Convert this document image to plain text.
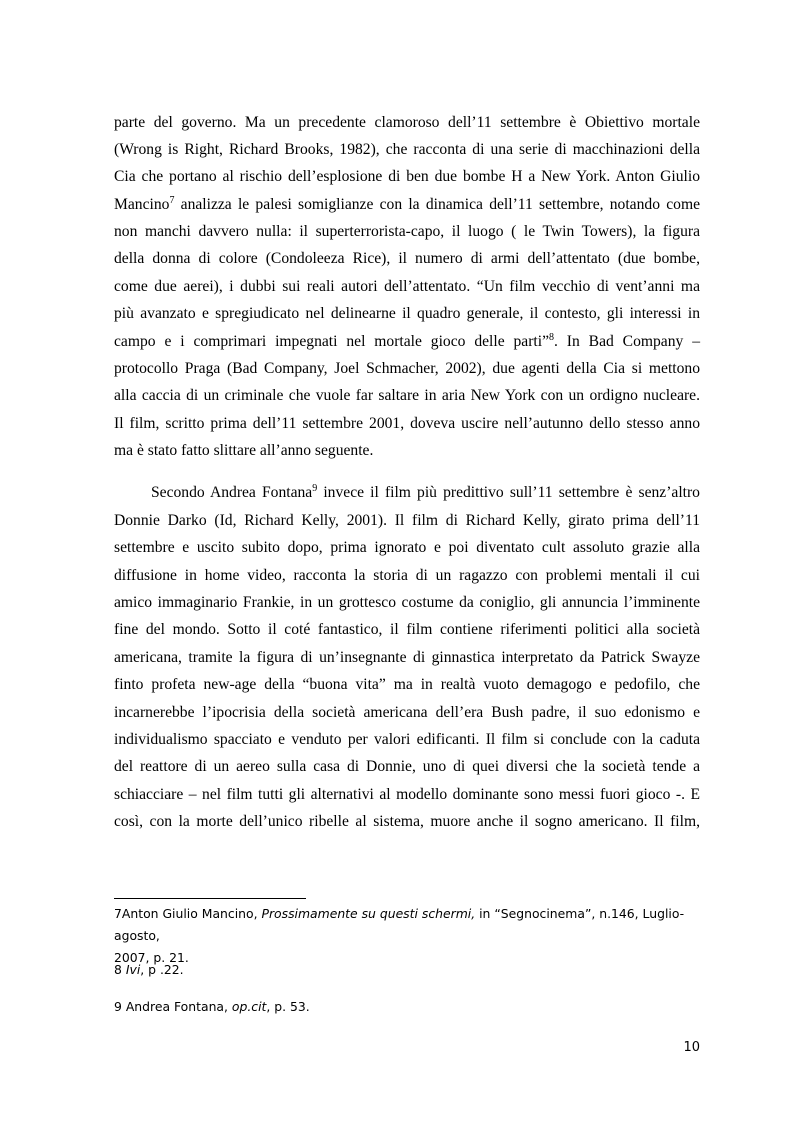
parte del governo. Ma un precedente clamoroso dell’11 settembre è Obiettivo mortale
(Wrong is Right, Richard Brooks, 1982), che racconta di una serie di macchinazioni della
Cia che portano al rischio dell’esplosione di ben due bombe H a New York. Anton Giulio
Mancino$^7$ analizza le palesi somiglianze con la dinamica dell’11 settembre, notando come
non manchi davvero nulla: il superterrorista-capo, il luogo ( le Twin Towers), la figura
della donna di colore (Condoleeza Rice), il numero di armi dell’attentato (due bombe,
come due aerei), i dubbi sui reali autori dell’attentato. “Un film vecchio di vent’anni ma
più avanzato e spregiudicato nel delinearne il quadro generale, il contesto, gli interessi in
campo e i comprimari impegnati nel mortale gioco delle parti”$^8$. In Bad Company –
protocollo Praga (Bad Company, Joel Schmacher, 2002), due agenti della Cia si mettono
alla caccia di un criminale che vuole far saltare in aria New York con un ordigno nucleare.
Il film, scritto prima dell’11 settembre 2001, doveva uscire nell’autunno dello stesso anno
ma è stato fatto slittare all’anno seguente.
Secondo Andrea Fontana$^9$ invece il film più predittivo sull’11 settembre è senz’altro
Donnie Darko (Id, Richard Kelly, 2001). Il film di Richard Kelly, girato prima dell’11
settembre e uscito subito dopo, prima ignorato e poi diventato cult assoluto grazie alla
diffusione in home video, racconta la storia di un ragazzo con problemi mentali il cui
amico immaginario Frankie, in un grottesco costume da coniglio, gli annuncia l’imminente
fine del mondo. Sotto il coté fantastico, il film contiene riferimenti politici alla società
americana, tramite la figura di un’insegnante di ginnastica interpretato da Patrick Swayze
finto profeta new-age della “buona vita” ma in realtà vuoto demagogo e pedofilo, che
incarnerebbe l’ipocrisia della società americana dell’era Bush padre, il suo edonismo e
individualismo spacciato e venduto per valori edificanti. Il film si conclude con la caduta
del reattore di un aereo sulla casa di Donnie, uno di quei diversi che la società tende a
schiacciare – nel film tutti gli alternativi al modello dominante sono messi fuori gioco -. E
così, con la morte dell’unico ribelle al sistema, muore anche il sogno americano. Il film,
7Anton Giulio Mancino, Prossimamente su questi schermi, in “Segnocinema”, n.146, Luglio-agosto,
2007, p. 21.
8 Ivi, p .22.
9 Andrea Fontana, op.cit, p. 53.
10
